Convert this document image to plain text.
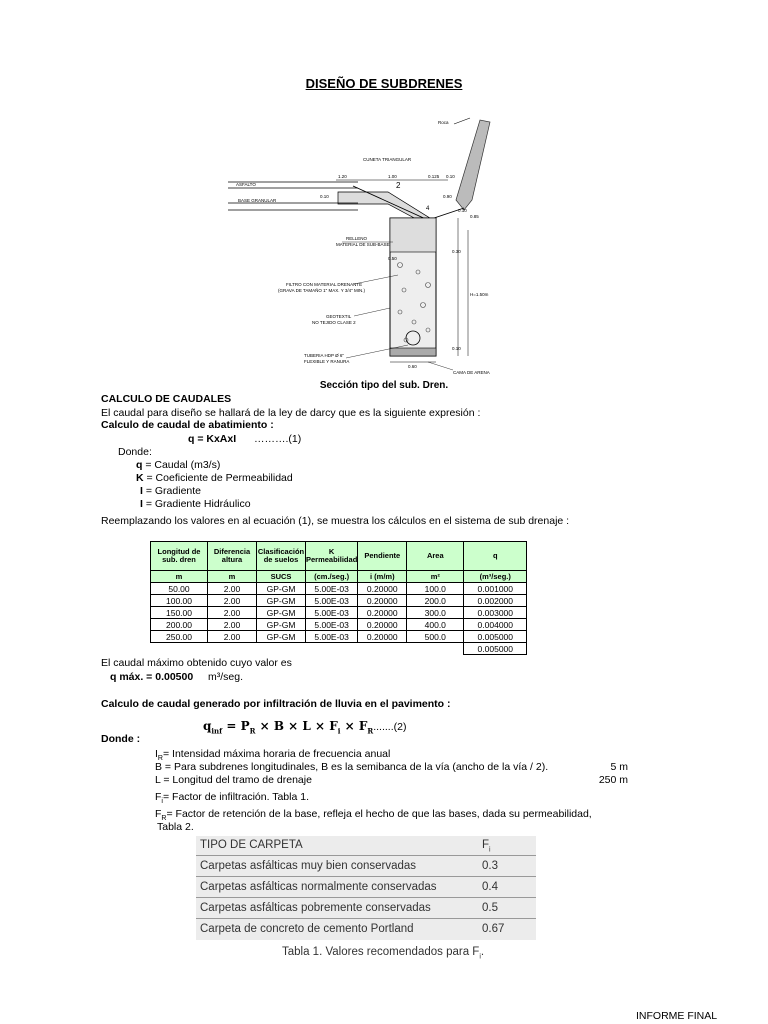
DISEÑO DE SUBDRENES
Roca
CUNETA TRIANGULAR
ASFALTO
BASE GRANULAR
RELLENO
MATERIAL DE SUB-BASE
FILTRO CON MATERIAL DRENANTE
(GRAVA DE TAMAÑO 1" MAX. Y 3/4" MIN.)
GEOTEXTIL
NO TEJIDO CLASE 2
TUBERIA HDP Ø 6"
FLEXIBLE Y RANURA
CAMA DE ARENA
1.20	1.00	0.125 0.10
0.10
0.10
0.85
0.30
H=1.50m
0.10
0.60
0.50
0.90
2
4
Sección tipo del sub. Dren.
CALCULO DE CAUDALES
El caudal para diseño se hallará de la ley de darcy que es la siguiente expresión :
Calculo de caudal de abatimiento :
q = KxAxI ……….(1)
Donde:
q = Caudal (m3/s)
K = Coeficiente de Permeabilidad
I = Gradiente
I = Gradiente Hidráulico
Reemplazando los valores en al ecuación (1), se muestra los cálculos en el sistema de sub drenaje :
Longitud de sub. dren	Diferencia altura	Clasificación de suelos	K Permeabilidad	Pendiente	Area	q
m	m	SUCS	(cm./seg.)	i (m/m)	m²	(m³/seg.)
50.00	2.00	GP-GM	5.00E-03	0.20000	100.0	0.001000
100.00	2.00	GP-GM	5.00E-03	0.20000	200.0	0.002000
150.00	2.00	GP-GM	5.00E-03	0.20000	300.0	0.003000
200.00	2.00	GP-GM	5.00E-03	0.20000	400.0	0.004000
250.00	2.00	GP-GM	5.00E-03	0.20000	500.0	0.005000
						0.005000
El caudal máximo obtenido cuyo valor es
q máx. = 0.00500 m³/seg.
Calculo de caudal generado por infiltración de lluvia en el pavimento :
$q_{inf} = P_R \times B \times L \times F_i \times F_R.......(2)$
Donde :
$I_R=$ Intensidad máxima horaria de frecuencia anual
B = Para subdrenes longitudinales, B es la semibanca de la vía (ancho de la vía / 2).	5 m
L = Longitud del tramo de drenaje	250 m
$F_i=$ Factor de infiltración. Tabla 1.
$F_R=$ Factor de retención de la base, refleja el hecho de que las bases, dada su permeabilidad,
Tabla 2.
TIPO DE CARPETA	$F_i$
Carpetas asfálticas muy bien conservadas	0.3
Carpetas asfálticas normalmente conservadas	0.4
Carpetas asfálticas pobremente conservadas	0.5
Carpeta de concreto de cemento Portland	0.67
Tabla 1. Valores recomendados para $F_i$.
INFORME FINAL
